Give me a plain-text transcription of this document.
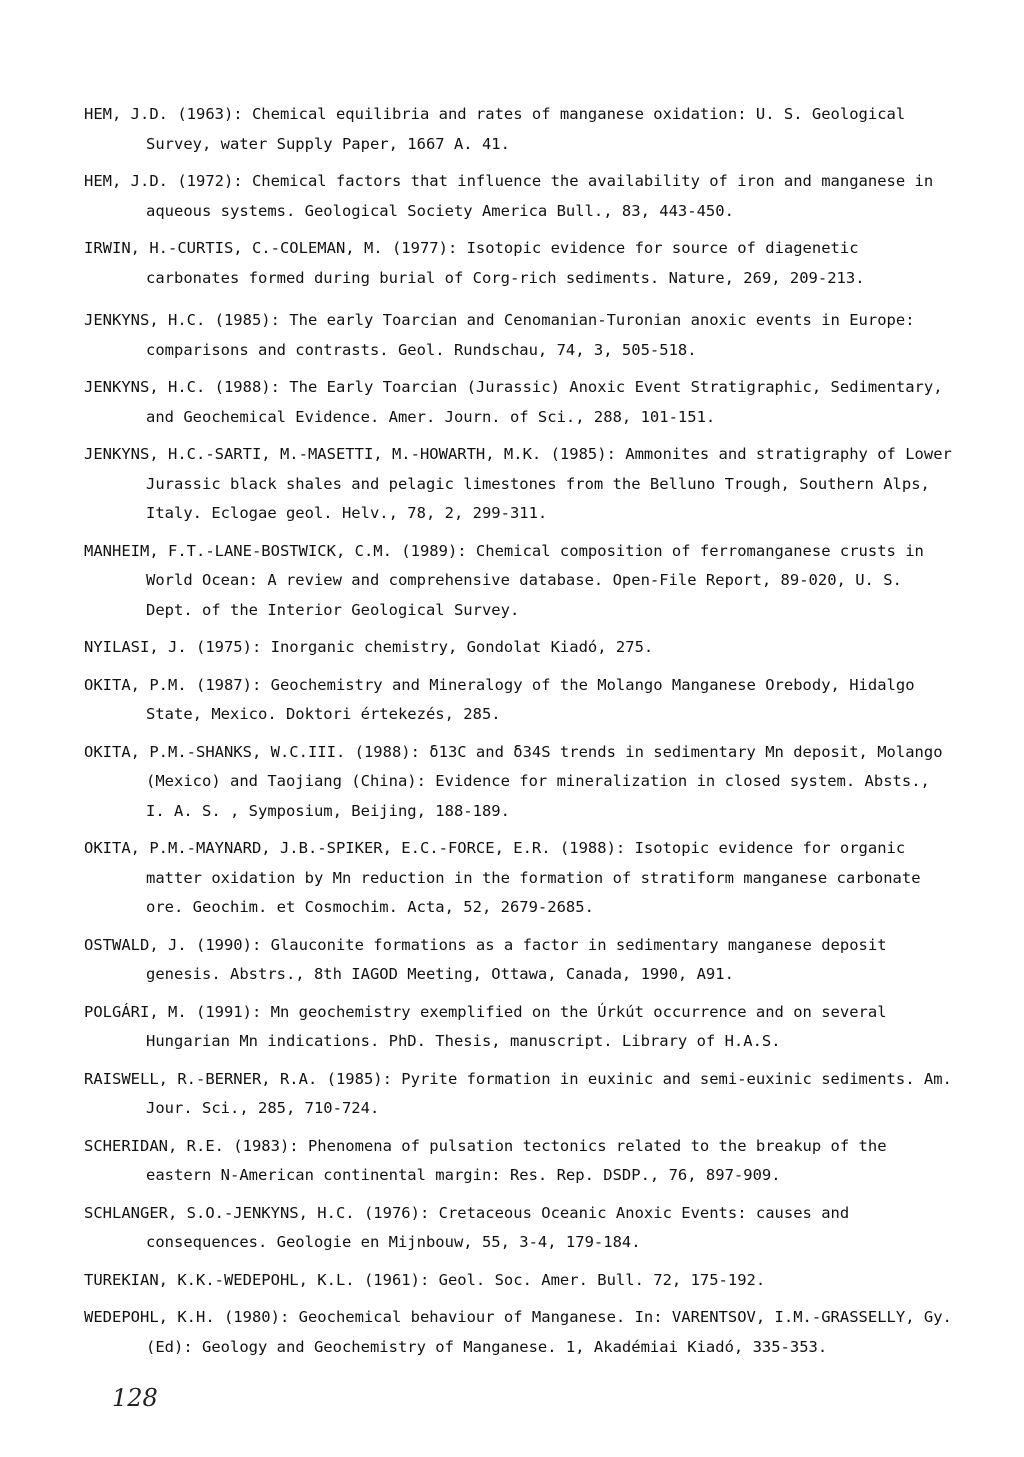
HEM, J.D. (1963): Chemical equilibria and rates of manganese oxidation: U. S. Geological Survey, water Supply Paper, 1667 A. 41.

HEM, J.D. (1972): Chemical factors that influence the availability of iron and manganese in aqueous systems. Geological Society America Bull., 83, 443-450.

IRWIN, H.-CURTIS, C.-COLEMAN, M. (1977): Isotopic evidence for source of diagenetic carbonates formed during burial of Corg-rich sediments. Nature, 269, 209-213.

JENKYNS, H.C. (1985): The early Toarcian and Cenomanian-Turonian anoxic events in Europe: comparisons and contrasts. Geol. Rundschau, 74, 3, 505-518.

JENKYNS, H.C. (1988): The Early Toarcian (Jurassic) Anoxic Event Stratigraphic, Sedimentary, and Geochemical Evidence. Amer. Journ. of Sci., 288, 101-151.

JENKYNS, H.C.-SARTI, M.-MASETTI, M.-HOWARTH, M.K. (1985): Ammonites and stratigraphy of Lower Jurassic black shales and pelagic limestones from the Belluno Trough, Southern Alps, Italy. Eclogae geol. Helv., 78, 2, 299-311.

MANHEIM, F.T.-LANE-BOSTWICK, C.M. (1989): Chemical composition of ferromanganese crusts in World Ocean: A review and comprehensive database. Open-File Report, 89-020, U. S. Dept. of the Interior Geological Survey.

NYILASI, J. (1975): Inorganic chemistry, Gondolat Kiadó, 275.

OKITA, P.M. (1987): Geochemistry and Mineralogy of the Molango Manganese Orebody, Hidalgo State, Mexico. Doktori értekezés, 285.

OKITA, P.M.-SHANKS, W.C.III. (1988): δ13C and δ34S trends in sedimentary Mn deposit, Molango (Mexico) and Taojiang (China): Evidence for mineralization in closed system. Absts., I. A. S. , Symposium, Beijing, 188-189.

OKITA, P.M.-MAYNARD, J.B.-SPIKER, E.C.-FORCE, E.R. (1988): Isotopic evidence for organic matter oxidation by Mn reduction in the formation of stratiform manganese carbonate ore. Geochim. et Cosmochim. Acta, 52, 2679-2685.

OSTWALD, J. (1990): Glauconite formations as a factor in sedimentary manganese deposit genesis. Abstrs., 8th IAGOD Meeting, Ottawa, Canada, 1990, A91.

POLGÁRI, M. (1991): Mn geochemistry exemplified on the Úrkút occurrence and on several Hungarian Mn indications. PhD. Thesis, manuscript. Library of H.A.S.

RAISWELL, R.-BERNER, R.A. (1985): Pyrite formation in euxinic and semi-euxinic sediments. Am. Jour. Sci., 285, 710-724.

SCHERIDAN, R.E. (1983): Phenomena of pulsation tectonics related to the breakup of the eastern N-American continental margin: Res. Rep. DSDP., 76, 897-909.

SCHLANGER, S.O.-JENKYNS, H.C. (1976): Cretaceous Oceanic Anoxic Events: causes and consequences. Geologie en Mijnbouw, 55, 3-4, 179-184.

TUREKIAN, K.K.-WEDEPOHL, K.L. (1961): Geol. Soc. Amer. Bull. 72, 175-192.

WEDEPOHL, K.H. (1980): Geochemical behaviour of Manganese. In: VARENTSOV, I.M.-GRASSELLY, Gy. (Ed): Geology and Geochemistry of Manganese. 1, Akadémiai Kiadó, 335-353.

128
